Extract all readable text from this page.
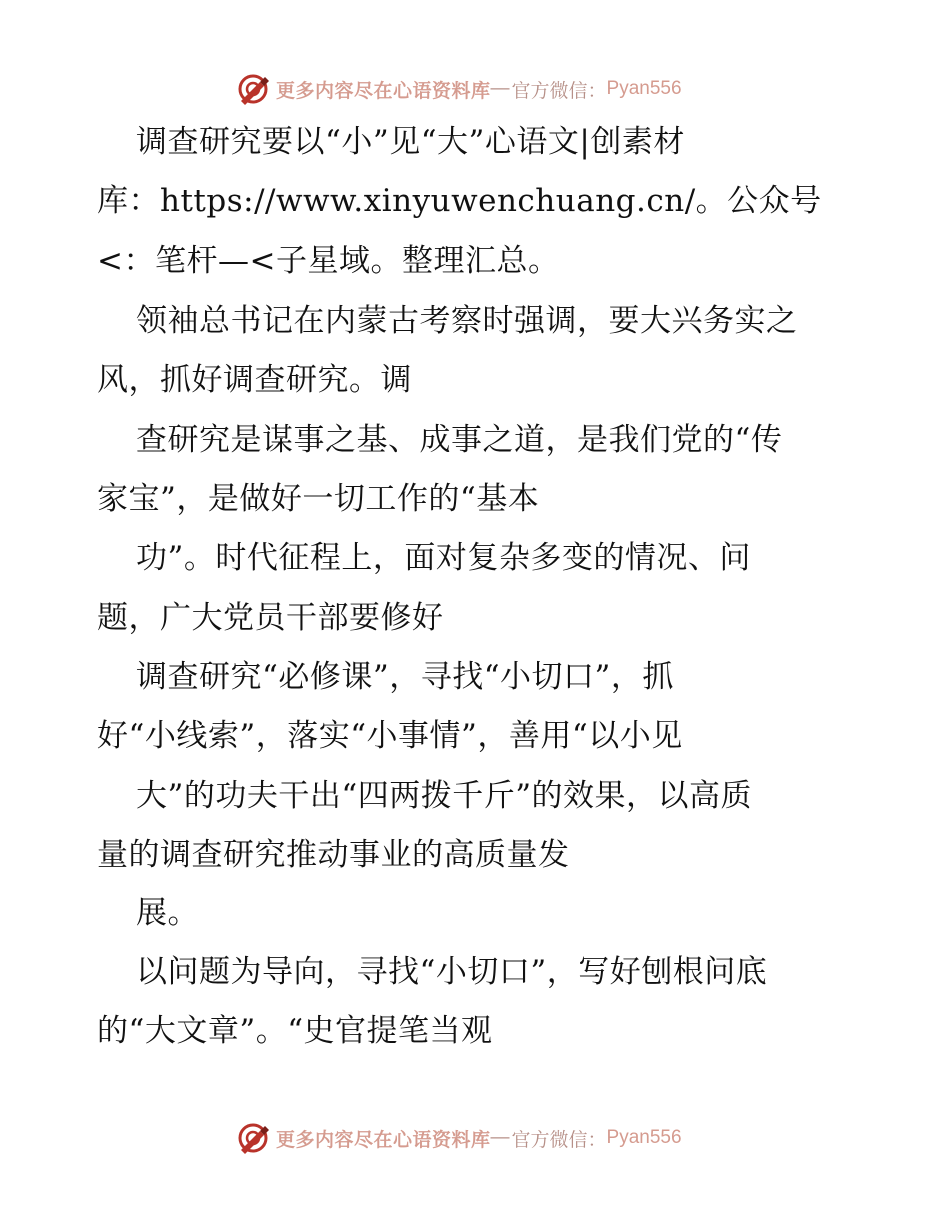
更多内容尽在心语资料库 — 官方微信： Pyan556
调查研究要以“小”见“大”心语文|创素材
库：https://www.xinyuwenchuang.cn/。公众号
<：笔杆—<子星域。整理汇总。
领袖总书记在内蒙古考察时强调，要大兴务实之
风，抓好调查研究。调
查研究是谋事之基、成事之道，是我们党的“传
家宝”，是做好一切工作的“基本
功”。时代征程上，面对复杂多变的情况、问
题，广大党员干部要修好
调查研究“必修课”，寻找“小切口”，抓
好“小线索”，落实“小事情”，善用“以小见
大”的功夫干出“四两拨千斤”的效果，以高质
量的调查研究推动事业的高质量发
展。
以问题为导向，寻找“小切口”，写好刨根问底
的“大文章”。“史官提笔当观
更多内容尽在心语资料库 — 官方微信： Pyan556
